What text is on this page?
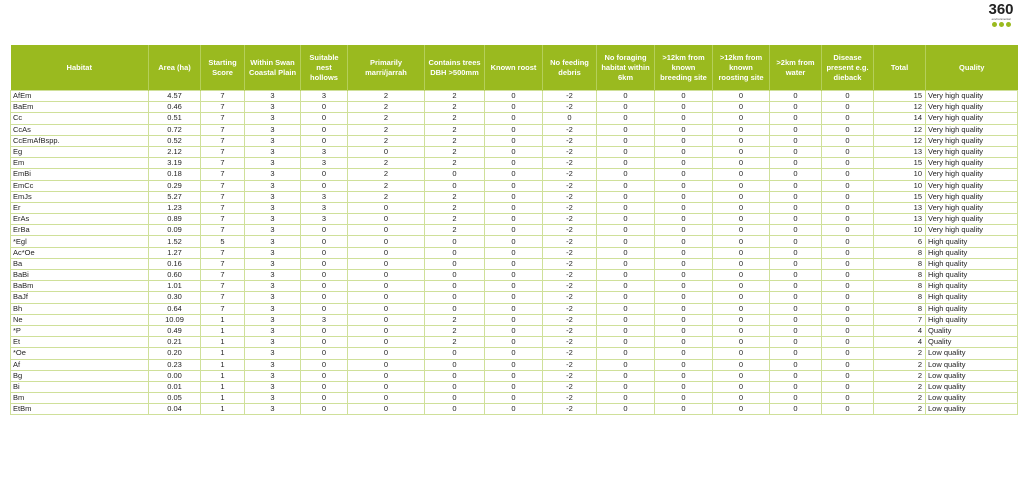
360
environmental
Habitat	Area (ha)	Starting Score	Within Swan Coastal Plain	Suitable nest hollows	Primarily marri/jarrah	Contains trees DBH >500mm	Known roost	No feeding debris	No foraging habitat within 6km	>12km from known breeding site	>12km from known roosting site	>2km from water	Disease present e.g. dieback	Total	Quality
AfEm	4.57	7	3	3	2	2	0	-2	0	0	0	0	0	15	Very high quality
BaEm	0.46	7	3	0	2	2	0	-2	0	0	0	0	0	12	Very high quality
Cc	0.51	7	3	0	2	2	0	0	0	0	0	0	0	14	Very high quality
CcAs	0.72	7	3	0	2	2	0	-2	0	0	0	0	0	12	Very high quality
CcEmAfBspp.	0.52	7	3	0	2	2	0	-2	0	0	0	0	0	12	Very high quality
Eg	2.12	7	3	3	0	2	0	-2	0	0	0	0	0	13	Very high quality
Em	3.19	7	3	3	2	2	0	-2	0	0	0	0	0	15	Very high quality
EmBi	0.18	7	3	0	2	0	0	-2	0	0	0	0	0	10	Very high quality
EmCc	0.29	7	3	0	2	0	0	-2	0	0	0	0	0	10	Very high quality
EmJs	5.27	7	3	3	2	2	0	-2	0	0	0	0	0	15	Very high quality
Er	1.23	7	3	3	0	2	0	-2	0	0	0	0	0	13	Very high quality
ErAs	0.89	7	3	3	0	2	0	-2	0	0	0	0	0	13	Very high quality
ErBa	0.09	7	3	0	0	2	0	-2	0	0	0	0	0	10	Very high quality
*Egl	1.52	5	3	0	0	0	0	-2	0	0	0	0	0	6	High quality
Ac*Oe	1.27	7	3	0	0	0	0	-2	0	0	0	0	0	8	High quality
Ba	0.16	7	3	0	0	0	0	-2	0	0	0	0	0	8	High quality
BaBi	0.60	7	3	0	0	0	0	-2	0	0	0	0	0	8	High quality
BaBm	1.01	7	3	0	0	0	0	-2	0	0	0	0	0	8	High quality
BaJf	0.30	7	3	0	0	0	0	-2	0	0	0	0	0	8	High quality
Bh	0.64	7	3	0	0	0	0	-2	0	0	0	0	0	8	High quality
Ne	10.09	1	3	3	0	2	0	-2	0	0	0	0	0	7	High quality
*P	0.49	1	3	0	0	2	0	-2	0	0	0	0	0	4	Quality
Et	0.21	1	3	0	0	2	0	-2	0	0	0	0	0	4	Quality
*Oe	0.20	1	3	0	0	0	0	-2	0	0	0	0	0	2	Low quality
Af	0.23	1	3	0	0	0	0	-2	0	0	0	0	0	2	Low quality
Bg	0.00	1	3	0	0	0	0	-2	0	0	0	0	0	2	Low quality
Bi	0.01	1	3	0	0	0	0	-2	0	0	0	0	0	2	Low quality
Bm	0.05	1	3	0	0	0	0	-2	0	0	0	0	0	2	Low quality
EtBm	0.04	1	3	0	0	0	0	-2	0	0	0	0	0	2	Low quality
